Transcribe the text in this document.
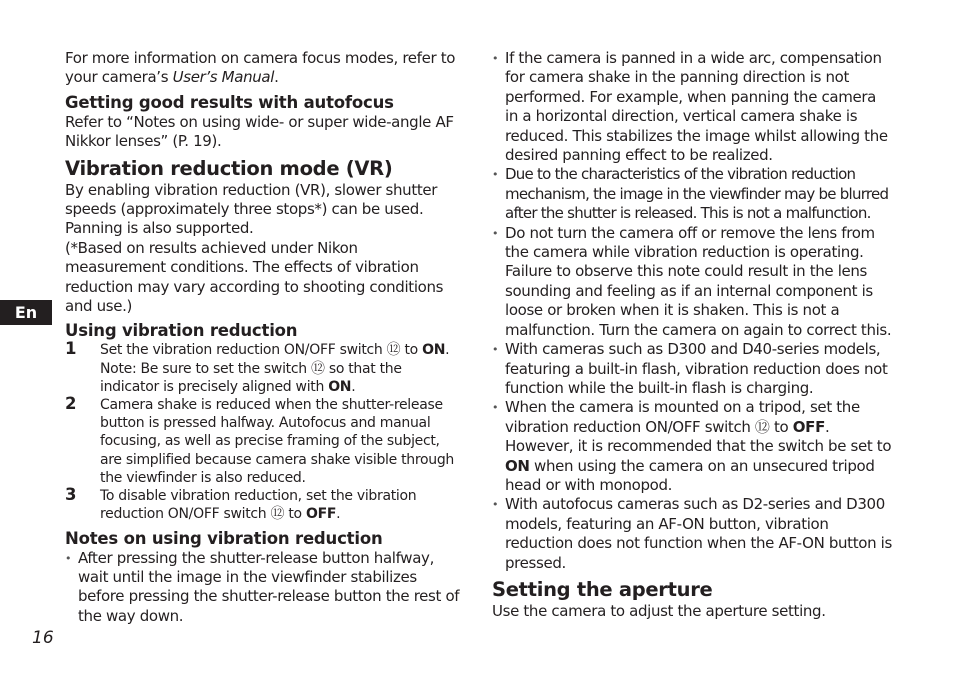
En

For more information on camera focus modes, refer to your camera’s User’s Manual.

Getting good results with autofocus

Refer to “Notes on using wide- or super wide-angle AF Nikkor lenses” (P. 19).

Vibration reduction mode (VR)

By enabling vibration reduction (VR), slower shutter speeds (approximately three stops*) can be used. Panning is also supported.

(*Based on results achieved under Nikon measurement conditions. The effects of vibration reduction may vary according to shooting conditions and use.)

Using vibration reduction
1 Set the vibration reduction ON/OFF switch ⑫ to ON.

Note: Be sure to set the switch ⑫ so that the indicator is precisely aligned with ON.

2 Camera shake is reduced when the shutter-release button is pressed halfway. Autofocus and manual focusing, as well as precise framing of the subject, are simplified because camera shake visible through the viewfinder is also reduced.

3 To disable vibration reduction, set the vibration reduction ON/OFF switch ⑫ to OFF.

Notes on using vibration reduction

• After pressing the shutter-release button halfway, wait until the image in the viewfinder stabilizes before pressing the shutter-release button the rest of the way down.

• If the camera is panned in a wide arc, compensation for camera shake in the panning direction is not performed. For example, when panning the camera in a horizontal direction, vertical camera shake is reduced. This stabilizes the image whilst allowing the desired panning effect to be realized.

• Due to the characteristics of the vibration reduction mechanism, the image in the viewfinder may be blurred after the shutter is released. This is not a malfunction.

• Do not turn the camera off or remove the lens from the camera while vibration reduction is operating. Failure to observe this note could result in the lens sounding and feeling as if an internal component is loose or broken when it is shaken. This is not a malfunction. Turn the camera on again to correct this.

• With cameras such as D300 and D40-series models, featuring a built-in flash, vibration reduction does not function while the built-in flash is charging.

• When the camera is mounted on a tripod, set the vibration reduction ON/OFF switch ⑫ to OFF. However, it is recommended that the switch be set to ON when using the camera on an unsecured tripod head or with monopod.

• With autofocus cameras such as D2-series and D300 models, featuring an AF-ON button, vibration reduction does not function when the AF-ON button is pressed.

Setting the aperture

Use the camera to adjust the aperture setting.

16
